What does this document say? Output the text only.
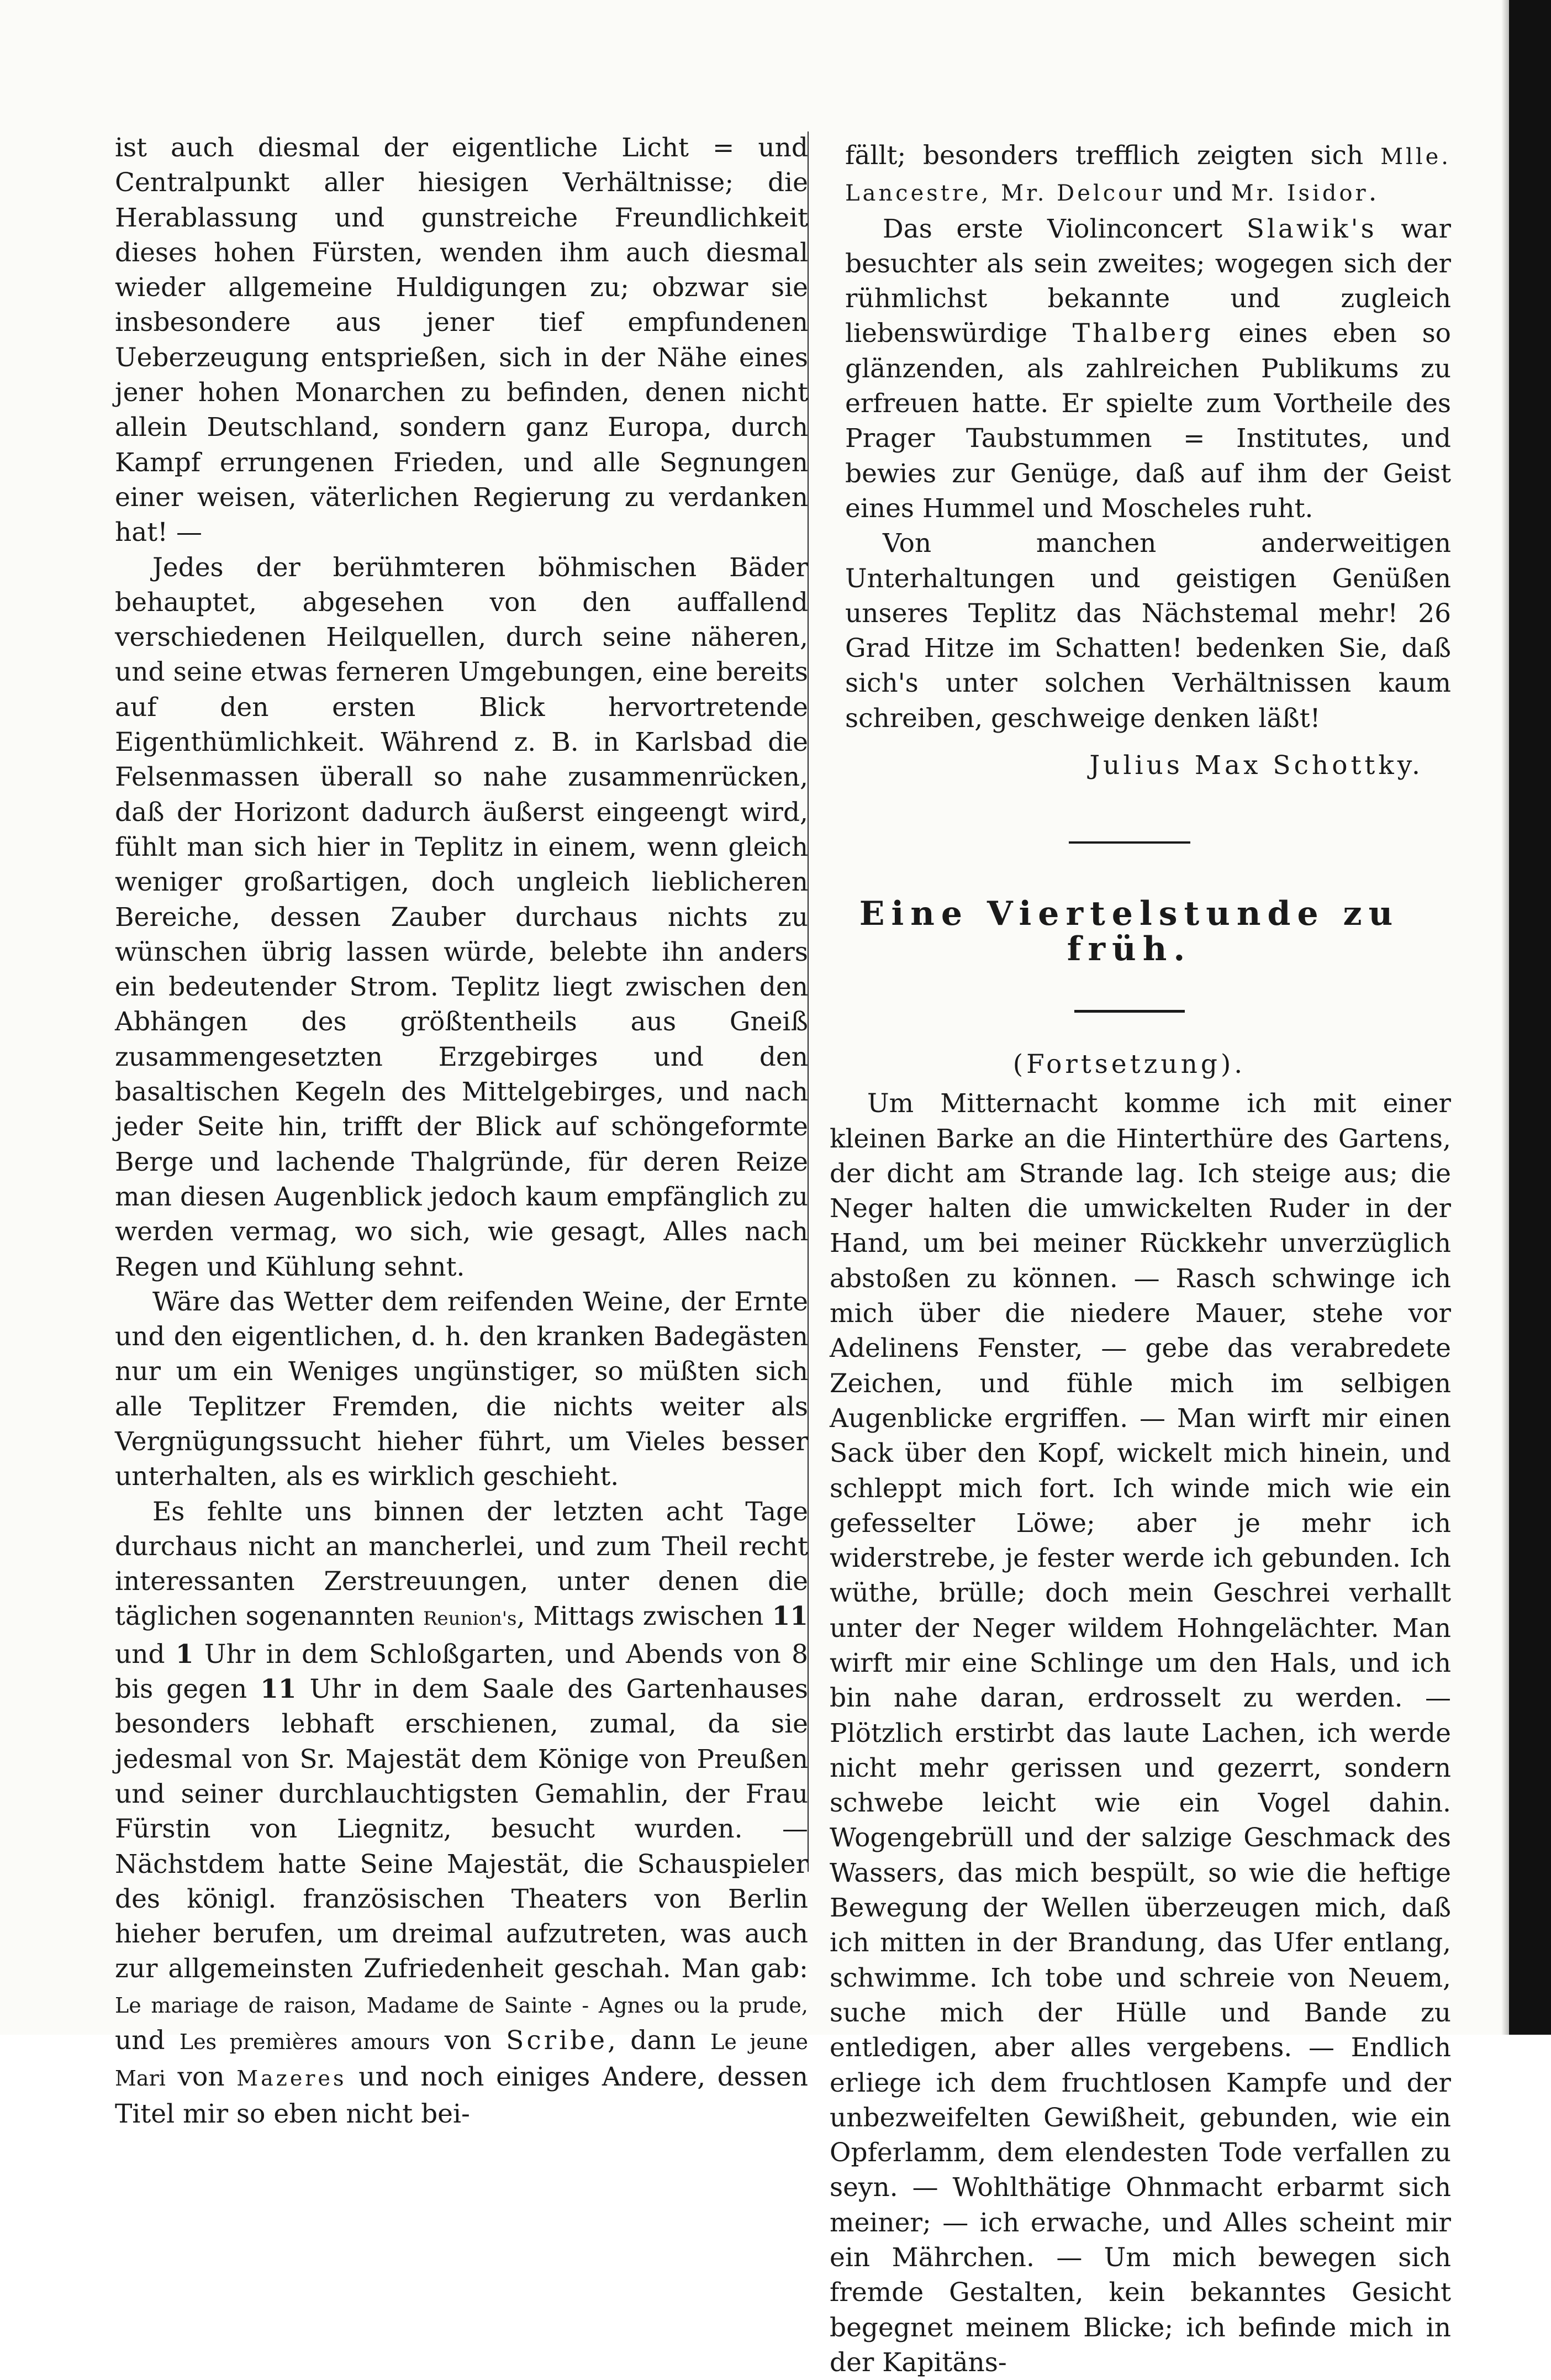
ist auch diesmal der eigentliche Licht = und Centralpunkt aller hiesigen Verhältnisse; die Herablassung und gunstreiche Freundlichkeit dieses hohen Fürsten, wenden ihm auch diesmal wieder allgemeine Huldigungen zu; obzwar sie insbesondere aus jener tief empfundenen Ueberzeugung entsprießen, sich in der Nähe eines jener hohen Monarchen zu befinden, denen nicht allein Deutschland, sondern ganz Europa, durch Kampf errungenen Frieden, und alle Segnungen einer weisen, väterlichen Regierung zu verdanken hat! —

Jedes der berühmteren böhmischen Bäder behauptet, abgesehen von den auffallend verschiedenen Heilquellen, durch seine näheren, und seine etwas ferneren Umgebungen, eine bereits auf den ersten Blick hervortretende Eigenthümlichkeit. Während z. B. in Karlsbad die Felsenmassen überall so nahe zusammenrücken, daß der Horizont dadurch äußerst eingeengt wird, fühlt man sich hier in Teplitz in einem, wenn gleich weniger großartigen, doch ungleich lieblicheren Bereiche, dessen Zauber durchaus nichts zu wünschen übrig lassen würde, belebte ihn anders ein bedeutender Strom. Teplitz liegt zwischen den Abhängen des größtentheils aus Gneiß zusammengesetzten Erzgebirges und den basaltischen Kegeln des Mittelgebirges, und nach jeder Seite hin, trifft der Blick auf schöngeformte Berge und lachende Thalgründe, für deren Reize man diesen Augenblick jedoch kaum empfänglich zu werden vermag, wo sich, wie gesagt, Alles nach Regen und Kühlung sehnt.

Wäre das Wetter dem reifenden Weine, der Ernte und den eigentlichen, d. h. den kranken Badegästen nur um ein Weniges ungünstiger, so müßten sich alle Teplitzer Fremden, die nichts weiter als Vergnügungssucht hieher führt, um Vieles besser unterhalten, als es wirklich geschieht.

Es fehlte uns binnen der letzten acht Tage durchaus nicht an mancherlei, und zum Theil recht interessanten Zerstreuungen, unter denen die täglichen sogenannten Reunion's, Mittags zwischen 11 und 1 Uhr in dem Schloßgarten, und Abends von 8 bis gegen 11 Uhr in dem Saale des Gartenhauses besonders lebhaft erschienen, zumal, da sie jedesmal von Sr. Majestät dem Könige von Preußen und seiner durchlauchtigsten Gemahlin, der Frau Fürstin von Liegnitz, besucht wurden. — Nächstdem hatte Seine Majestät, die Schauspieler des königl. französischen Theaters von Berlin hieher berufen, um dreimal aufzutreten, was auch zur allgemeinsten Zufriedenheit geschah. Man gab: Le mariage de raison, Madame de Sainte - Agnes ou la prude, und Les premières amours von Scribe, dann Le jeune Mari von Mazeres und noch einiges Andere, dessen Titel mir so eben nicht bei-

fällt; besonders trefflich zeigten sich Mlle. Lancestre, Mr. Delcour und Mr. Isidor.

Das erste Violinconcert Slawik's war besuchter als sein zweites; wogegen sich der rühmlichst bekannte und zugleich liebenswürdige Thalberg eines eben so glänzenden, als zahlreichen Publikums zu erfreuen hatte. Er spielte zum Vortheile des Prager Taubstummen = Institutes, und bewies zur Genüge, daß auf ihm der Geist eines Hummel und Moscheles ruht.

Von manchen anderweitigen Unterhaltungen und geistigen Genüßen unseres Teplitz das Nächstemal mehr! 26 Grad Hitze im Schatten! bedenken Sie, daß sich's unter solchen Verhältnissen kaum schreiben, geschweige denken läßt!

Julius Max Schottky.

Eine Viertelstunde zu früh.

(Fortsetzung).

Um Mitternacht komme ich mit einer kleinen Barke an die Hinterthüre des Gartens, der dicht am Strande lag. Ich steige aus; die Neger halten die umwickelten Ruder in der Hand, um bei meiner Rückkehr unverzüglich abstoßen zu können. — Rasch schwinge ich mich über die niedere Mauer, stehe vor Adelinens Fenster, — gebe das verabredete Zeichen, und fühle mich im selbigen Augenblicke ergriffen. — Man wirft mir einen Sack über den Kopf, wickelt mich hinein, und schleppt mich fort. Ich winde mich wie ein gefesselter Löwe; aber je mehr ich widerstrebe, je fester werde ich gebunden. Ich wüthe, brülle; doch mein Geschrei verhallt unter der Neger wildem Hohngelächter. Man wirft mir eine Schlinge um den Hals, und ich bin nahe daran, erdrosselt zu werden. — Plötzlich erstirbt das laute Lachen, ich werde nicht mehr gerissen und gezerrt, sondern schwebe leicht wie ein Vogel dahin. Wogengebrüll und der salzige Geschmack des Wassers, das mich bespült, so wie die heftige Bewegung der Wellen überzeugen mich, daß ich mitten in der Brandung, das Ufer entlang, schwimme. Ich tobe und schreie von Neuem, suche mich der Hülle und Bande zu entledigen, aber alles vergebens. — Endlich erliege ich dem fruchtlosen Kampfe und der unbezweifelten Gewißheit, gebunden, wie ein Opferlamm, dem elendesten Tode verfallen zu seyn. — Wohlthätige Ohnmacht erbarmt sich meiner; — ich erwache, und Alles scheint mir ein Mährchen. — Um mich bewegen sich fremde Gestalten, kein bekanntes Gesicht begegnet meinem Blicke; ich befinde mich in der Kapitäns-
